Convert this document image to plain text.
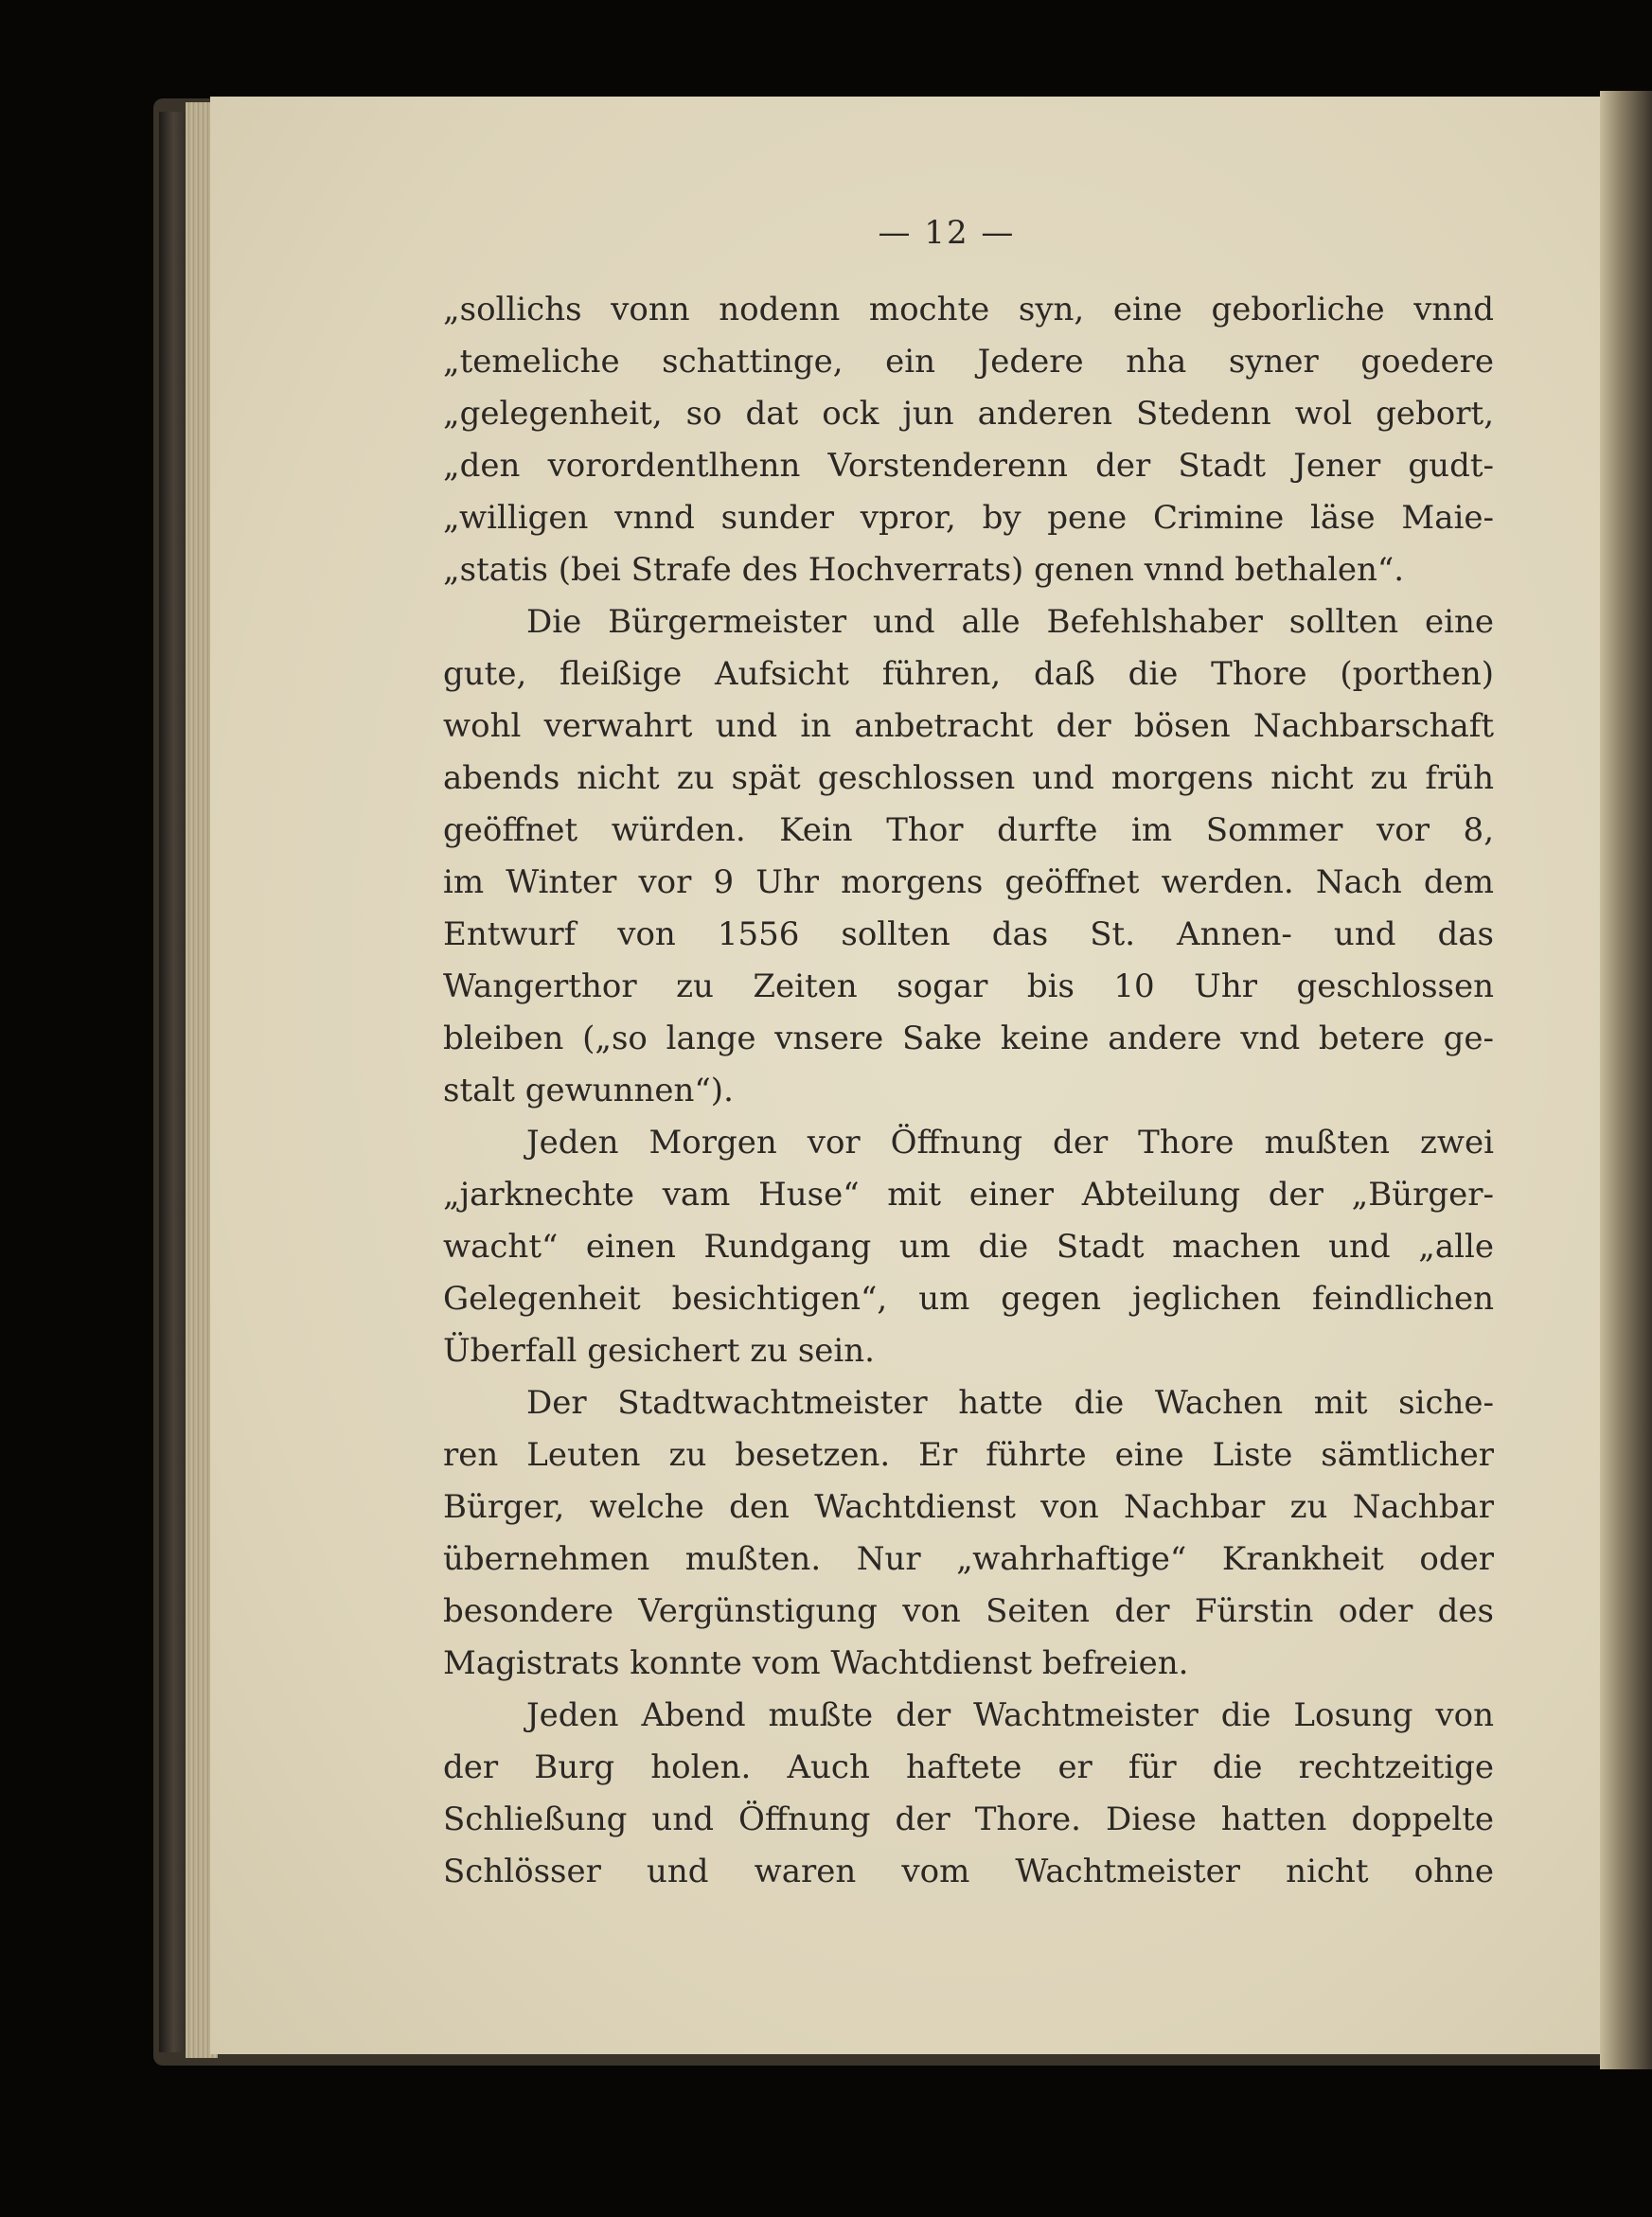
— 12 —
„sollichs vonn nodenn mochte syn, eine geborliche vnnd
„temeliche schattinge, ein Jedere nha syner goedere
„gelegenheit, so dat ock jun anderen Stedenn wol gebort,
„den vorordentlhenn Vorstenderenn der Stadt Jener gudt-
„willigen vnnd sunder vpror, by pene Crimine läse Maie-
„statis (bei Strafe des Hochverrats) genen vnnd bethalen“.
Die Bürgermeister und alle Befehlshaber sollten eine
gute, fleißige Aufsicht führen, daß die Thore (porthen)
wohl verwahrt und in anbetracht der bösen Nachbarschaft
abends nicht zu spät geschlossen und morgens nicht zu früh
geöffnet würden. Kein Thor durfte im Sommer vor 8,
im Winter vor 9 Uhr morgens geöffnet werden. Nach dem
Entwurf von 1556 sollten das St. Annen- und das
Wangerthor zu Zeiten sogar bis 10 Uhr geschlossen
bleiben („so lange vnsere Sake keine andere vnd betere ge-
stalt gewunnen“).
Jeden Morgen vor Öffnung der Thore mußten zwei
„jarknechte vam Huse“ mit einer Abteilung der „Bürger-
wacht“ einen Rundgang um die Stadt machen und „alle
Gelegenheit besichtigen“, um gegen jeglichen feindlichen
Überfall gesichert zu sein.
Der Stadtwachtmeister hatte die Wachen mit siche-
ren Leuten zu besetzen. Er führte eine Liste sämtlicher
Bürger, welche den Wachtdienst von Nachbar zu Nachbar
übernehmen mußten. Nur „wahrhaftige“ Krankheit oder
besondere Vergünstigung von Seiten der Fürstin oder des
Magistrats konnte vom Wachtdienst befreien.
Jeden Abend mußte der Wachtmeister die Losung von
der Burg holen. Auch haftete er für die rechtzeitige
Schließung und Öffnung der Thore. Diese hatten doppelte
Schlösser und waren vom Wachtmeister nicht ohne
